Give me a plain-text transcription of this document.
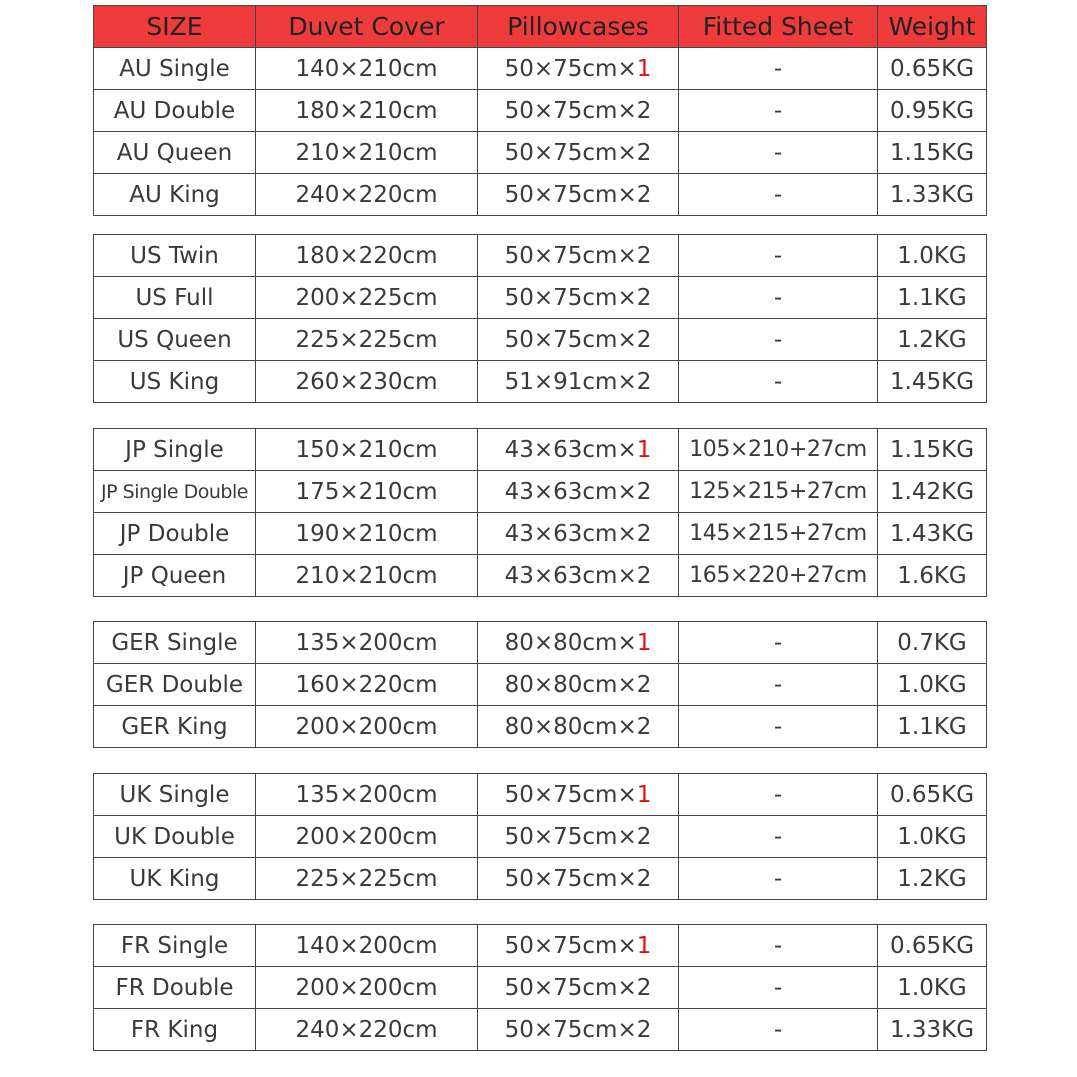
SIZE	Duvet Cover	Pillowcases	Fitted Sheet	Weight
AU Single	140×210cm	50×75cm×1	-	0.65KG
AU Double	180×210cm	50×75cm×2	-	0.95KG
AU Queen	210×210cm	50×75cm×2	-	1.15KG
AU King	240×220cm	50×75cm×2	-	1.33KG
US Twin	180×220cm	50×75cm×2	-	1.0KG
US Full	200×225cm	50×75cm×2	-	1.1KG
US Queen	225×225cm	50×75cm×2	-	1.2KG
US King	260×230cm	51×91cm×2	-	1.45KG
JP Single	150×210cm	43×63cm×1	105×210+27cm	1.15KG
JP Single Double	175×210cm	43×63cm×2	125×215+27cm	1.42KG
JP Double	190×210cm	43×63cm×2	145×215+27cm	1.43KG
JP Queen	210×210cm	43×63cm×2	165×220+27cm	1.6KG
GER Single	135×200cm	80×80cm×1	-	0.7KG
GER Double	160×220cm	80×80cm×2	-	1.0KG
GER King	200×200cm	80×80cm×2	-	1.1KG
UK Single	135×200cm	50×75cm×1	-	0.65KG
UK Double	200×200cm	50×75cm×2	-	1.0KG
UK King	225×225cm	50×75cm×2	-	1.2KG
FR Single	140×200cm	50×75cm×1	-	0.65KG
FR Double	200×200cm	50×75cm×2	-	1.0KG
FR King	240×220cm	50×75cm×2	-	1.33KG
